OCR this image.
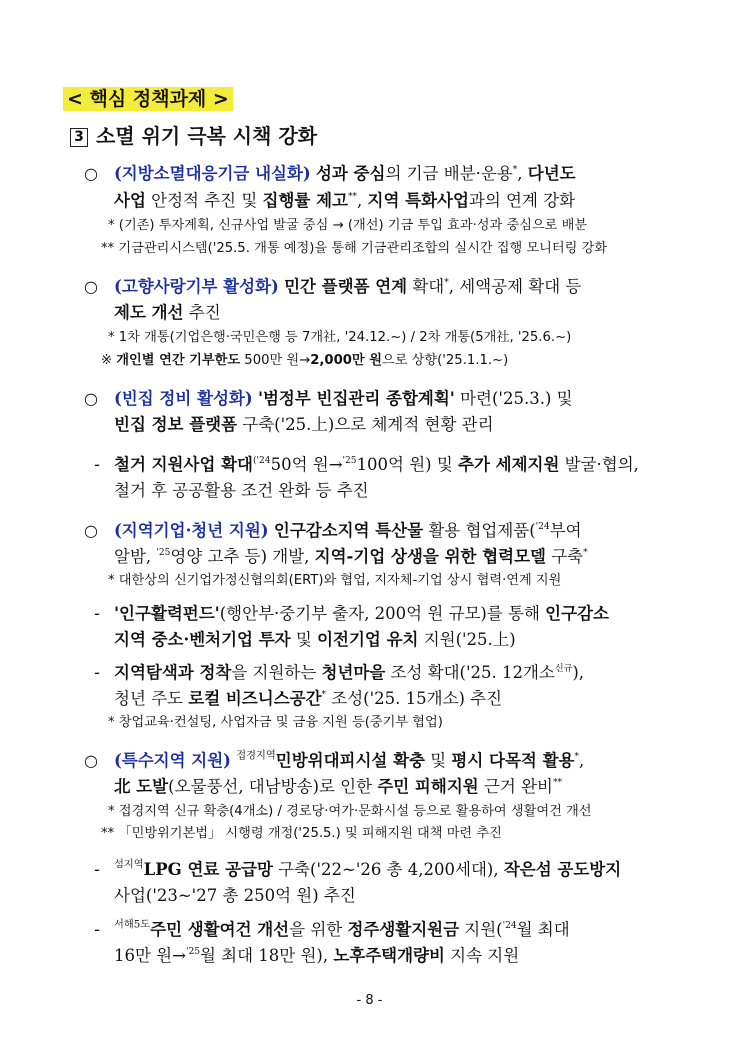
< 핵심 정책과제 >
3 소멸 위기 극복 시책 강화
○ (지방소멸대응기금 내실화) 성과 중심의 기금 배분·운용*, 다년도
사업 안정적 추진 및 집행률 제고**, 지역 특화사업과의 연계 강화
* (기존) 투자계획, 신규사업 발굴 중심 → (개선) 기금 투입 효과·성과 중심으로 배분
** 기금관리시스템('25.5. 개통 예정)을 통해 기금관리조합의 실시간 집행 모니터링 강화
○ (고향사랑기부 활성화) 민간 플랫폼 연계 확대*, 세액공제 확대 등
제도 개선 추진
* 1차 개통(기업은행·국민은행 등 7개社, '24.12.~) / 2차 개통(5개社, '25.6.~)
※ 개인별 연간 기부한도 500만 원→2,000만 원으로 상향('25.1.1.~)
○ (빈집 정비 활성화) '범정부 빈집관리 종합계획' 마련('25.3.) 및
빈집 정보 플랫폼 구축('25.上)으로 체계적 현황 관리
- 철거 지원사업 확대$^{('24}$50억 원→$^{'25}$100억 원) 및 추가 세제지원 발굴·협의,
철거 후 공공활용 조건 완화 등 추진
○ (지역기업·청년 지원) 인구감소지역 특산물 활용 협업제품($^{'24}$부여
알밤, $^{'25}$영양 고추 등) 개발, 지역-기업 상생을 위한 협력모델 구축*
* 대한상의 신기업가정신협의회(ERT)와 협업, 지자체-기업 상시 협력·연계 지원
- '인구활력펀드'(행안부·중기부 출자, 200억 원 규모)를 통해 인구감소
지역 중소·벤처기업 투자 및 이전기업 유치 지원('25.上)
- 지역탐색과 정착을 지원하는 청년마을 조성 확대('25. 12개소$^{신규}$),
청년 주도 로컬 비즈니스공간* 조성('25. 15개소) 추진
* 창업교육·컨설팅, 사업자금 및 금융 지원 등(중기부 협업)
○ (특수지역 지원) $^{접경지역}$민방위대피시설 확충 및 평시 다목적 활용*,
北 도발(오물풍선, 대남방송)로 인한 주민 피해지원 근거 완비**
* 접경지역 신규 확충(4개소) / 경로당·여가·문화시설 등으로 활용하여 생활여건 개선
** 「민방위기본법」 시행령 개정('25.5.) 및 피해지원 대책 마련 추진
- $^{섬지역}$LPG 연료 공급망 구축('22~'26 총 4,200세대), 작은섬 공도방지
사업('23~'27 총 250억 원) 추진
- $^{서해5도}$주민 생활여건 개선을 위한 정주생활지원금 지원($^{'24}$월 최대
16만 원→$^{'25}$월 최대 18만 원), 노후주택개량비 지속 지원
- 8 -
